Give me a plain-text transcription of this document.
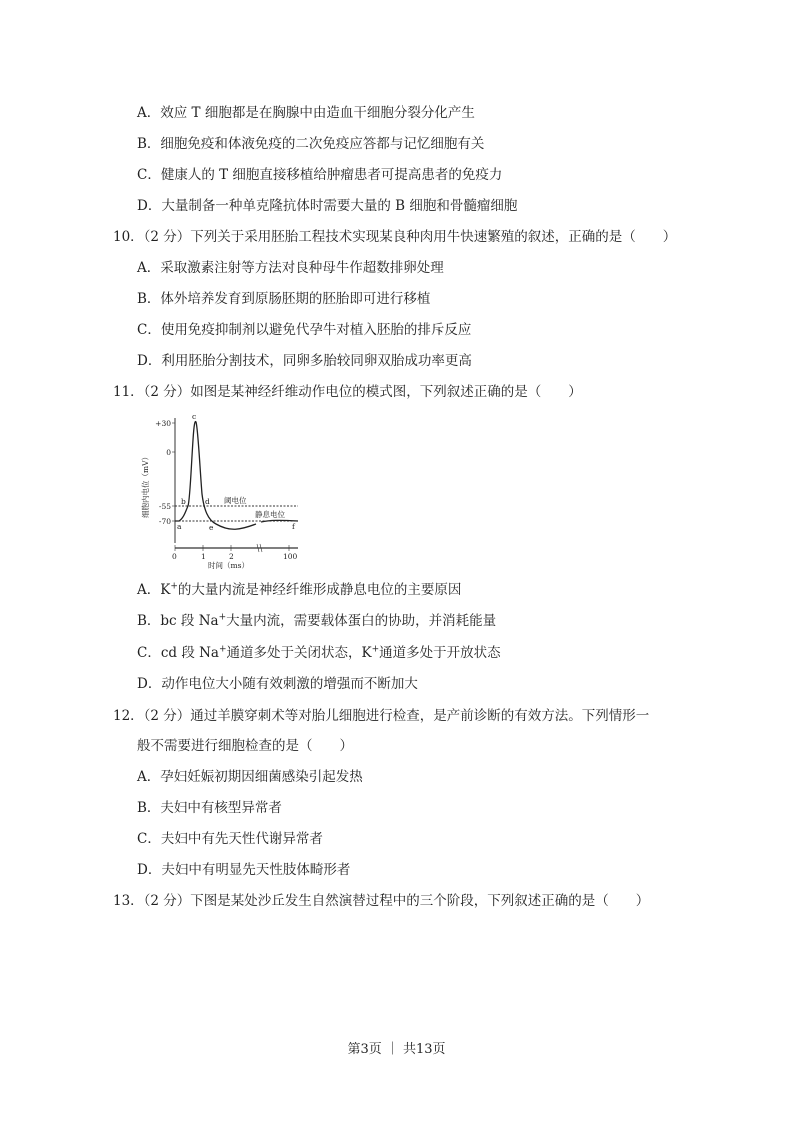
A．效应 T 细胞都是在胸腺中由造血干细胞分裂分化产生
B．细胞免疫和体液免疫的二次免疫应答都与记忆细胞有关
C．健康人的 T 细胞直接移植给肿瘤患者可提高患者的免疫力
D．大量制备一种单克隆抗体时需要大量的 B 细胞和骨髓瘤细胞
10．（2 分）下列关于采用胚胎工程技术实现某良种肉用牛快速繁殖的叙述，正确的是（　　）
A．采取激素注射等方法对良种母牛作超数排卵处理
B．体外培养发育到原肠胚期的胚胎即可进行移植
C．使用免疫抑制剂以避免代孕牛对植入胚胎的排斥反应
D．利用胚胎分割技术，同卵多胎较同卵双胎成功率更高
11．（2 分）如图是某神经纤维动作电位的模式图，下列叙述正确的是（　　）
+30
0
-55
-70
0	1	2	100
a
b
c
d
e	f
阈电位
静息电位
时间（ms）
细胞内电位（mV）
A．K+的大量内流是神经纤维形成静息电位的主要原因
B．bc 段 Na+大量内流，需要载体蛋白的协助，并消耗能量
C．cd 段 Na+通道多处于关闭状态，K+通道多处于开放状态
D．动作电位大小随有效刺激的增强而不断加大
12．（2 分）通过羊膜穿刺术等对胎儿细胞进行检查，是产前诊断的有效方法。下列情形一
般不需要进行细胞检查的是（　　）
A．孕妇妊娠初期因细菌感染引起发热
B．夫妇中有核型异常者
C．夫妇中有先天性代谢异常者
D．夫妇中有明显先天性肢体畸形者
13．（2 分）下图是某处沙丘发生自然演替过程中的三个阶段，下列叙述正确的是（　　）
第3页 ｜ 共13页
